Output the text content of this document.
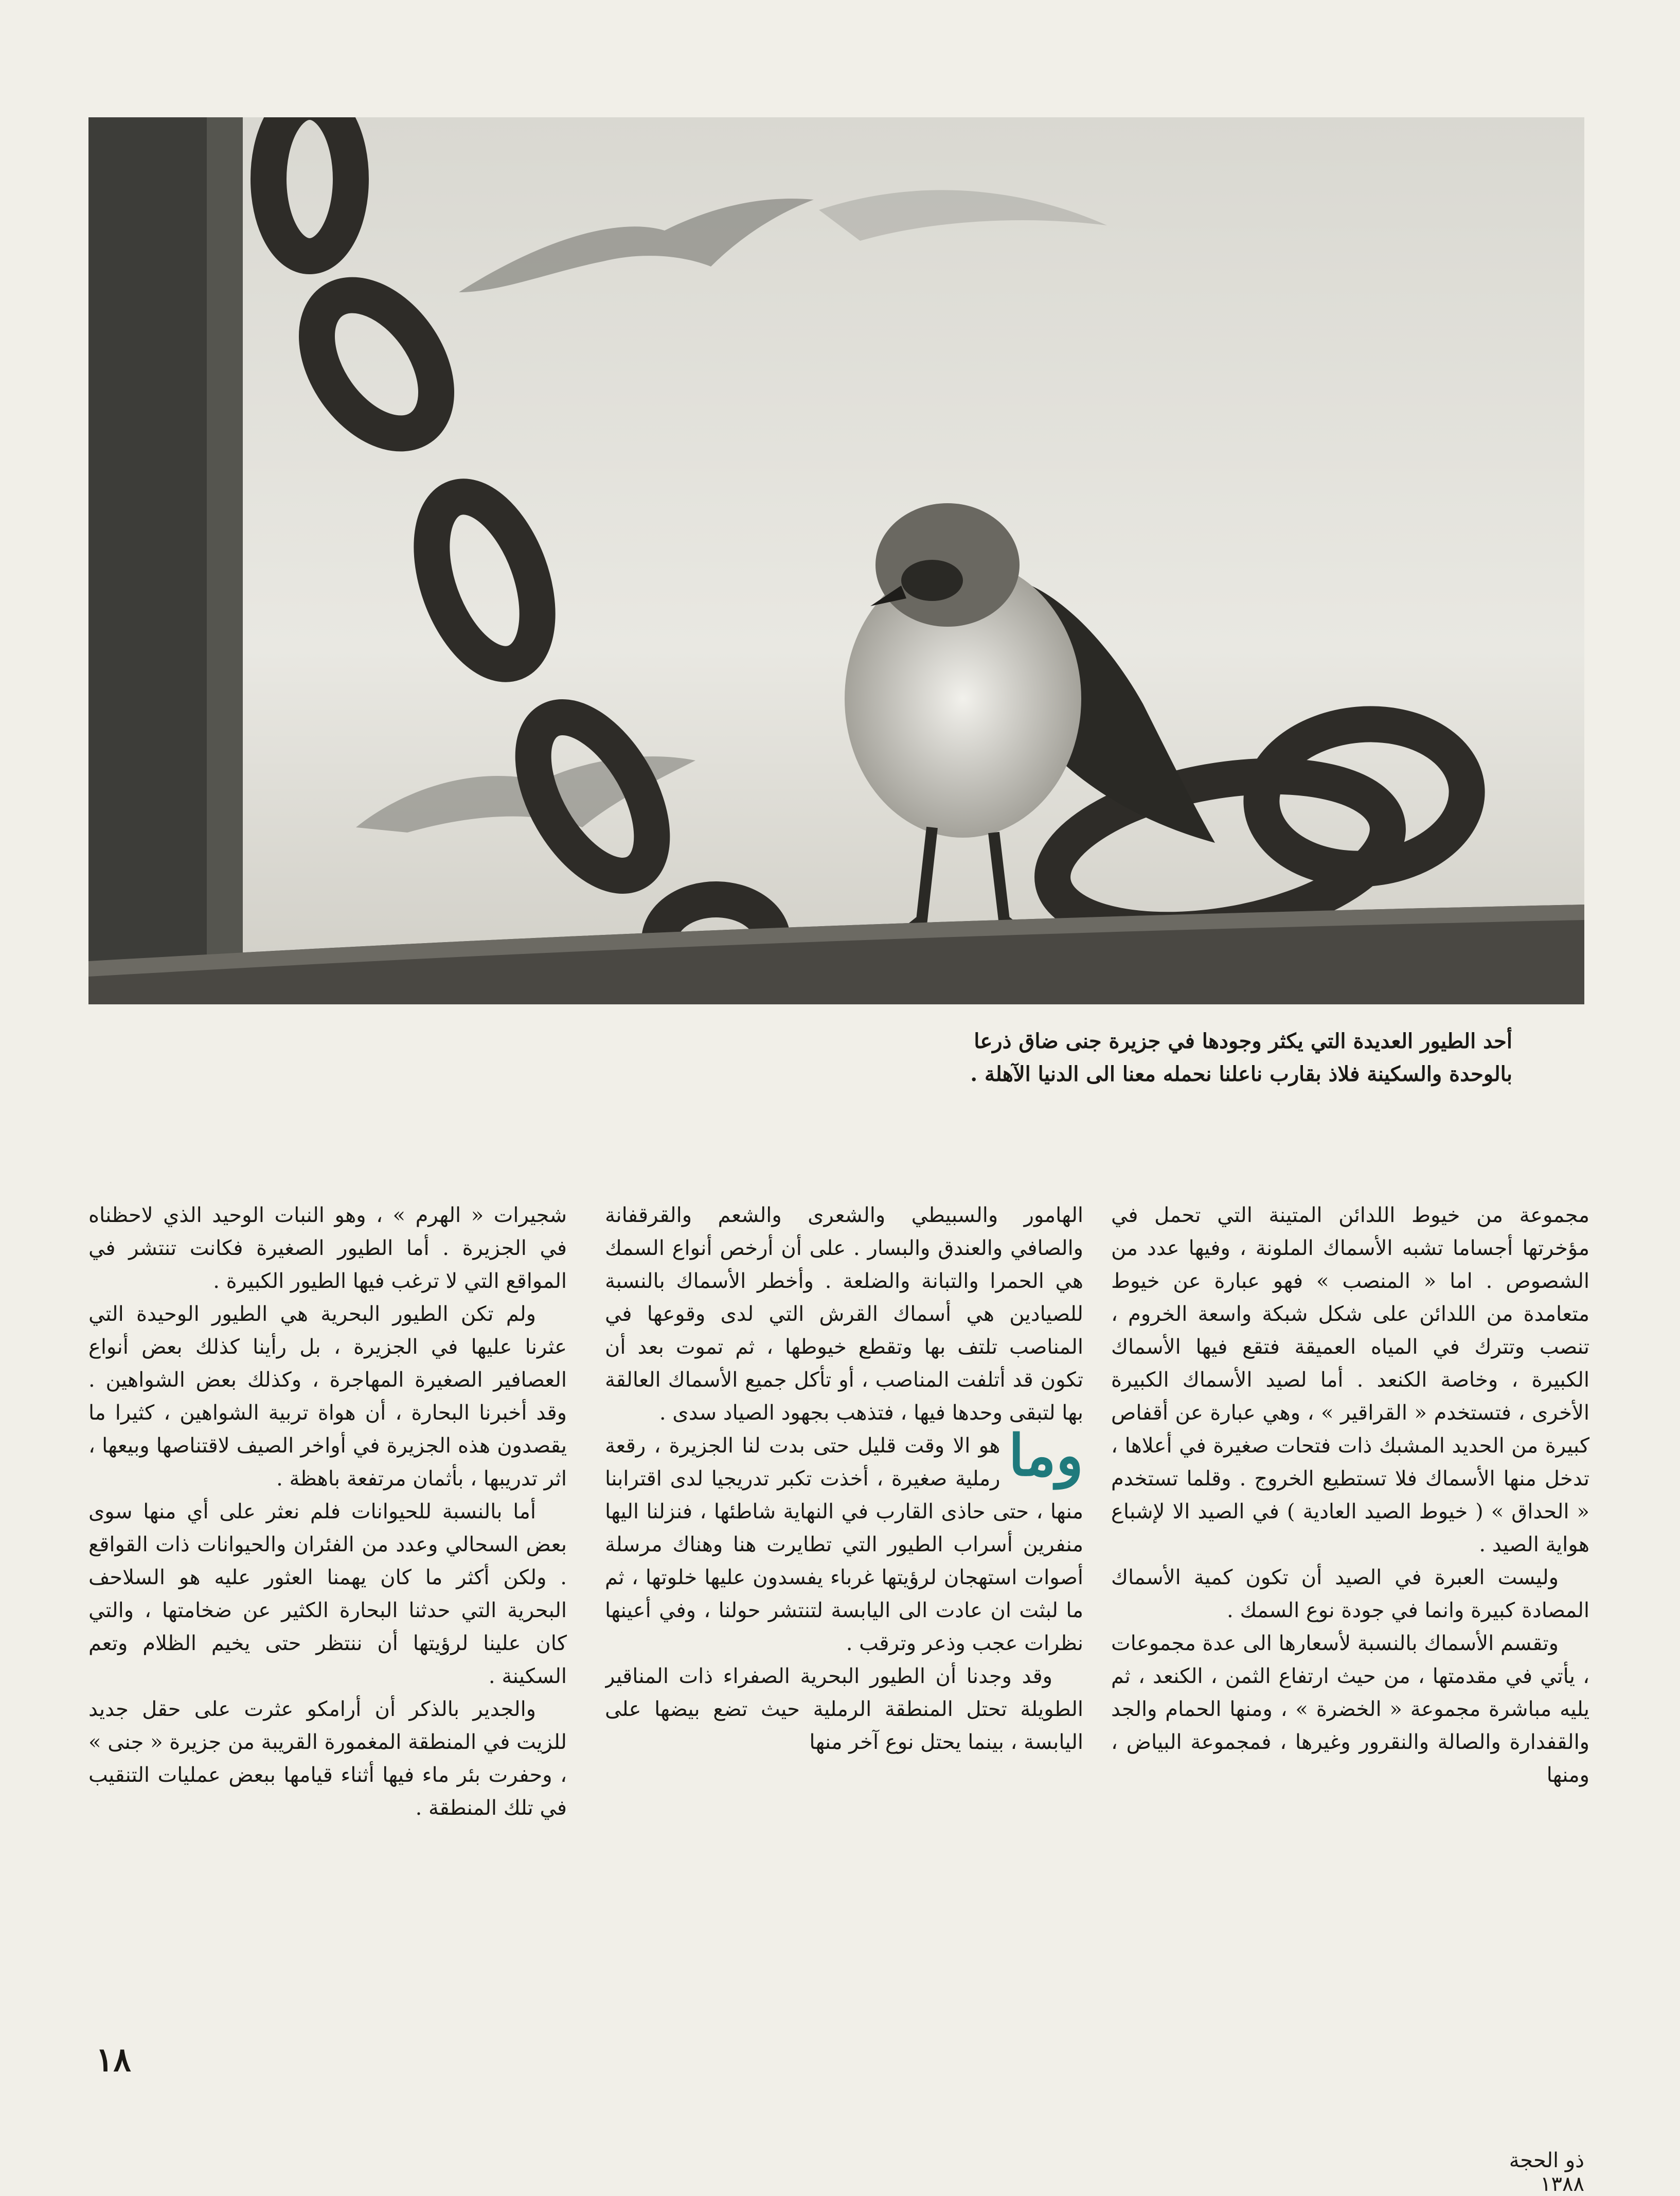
أحد الطيور العديدة التي يكثر وجودها في جزيرة جنى ضاق ذرعا

بالوحدة والسكينة فلاذ بقارب ناعلنا نحمله معنا الى الدنيا الآهلة .

مجموعة من خيوط اللدائن المتينة التي تحمل في مؤخرتها أجساما تشبه الأسماك الملونة ، وفيها عدد من الشصوص . اما « المنصب » فهو عبارة عن خيوط متعامدة من اللدائن على شكل شبكة واسعة الخروم ، تنصب وتترك في المياه العميقة فتقع فيها الأسماك الكبيرة ، وخاصة الكنعد . أما لصيد الأسماك الكبيرة الأخرى ، فتستخدم « القراقير » ، وهي عبارة عن أقفاص كبيرة من الحديد المشبك ذات فتحات صغيرة في أعلاها ، تدخل منها الأسماك فلا تستطيع الخروج . وقلما تستخدم « الحداق » ( خيوط الصيد العادية ) في الصيد الا لإشباع هواية الصيد .

وليست العبرة في الصيد أن تكون كمية الأسماك المصادة كبيرة وانما في جودة نوع السمك .

وتقسم الأسماك بالنسبة لأسعارها الى عدة مجموعات ، يأتي في مقدمتها ، من حيث ارتفاع الثمن ، الكنعد ، ثم يليه مباشرة مجموعة « الخضرة » ، ومنها الحمام والجد والقفدارة والصالة والنقرور وغيرها ، فمجموعة البياض ، ومنها

الهامور والسبيطي والشعرى والشعم والقرقفانة والصافي والعندق والبسار . على أن أرخص أنواع السمك هي الحمرا والتبانة والضلعة . وأخطر الأسماك بالنسبة للصيادين هي أسماك القرش التي لدى وقوعها في المناصب تلتف بها وتقطع خيوطها ، ثم تموت بعد أن تكون قد أتلفت المناصب ، أو تأكل جميع الأسماك العالقة بها لتبقى وحدها فيها ، فتذهب بجهود الصياد سدى .

وما
هو الا وقت قليل حتى بدت لنا الجزيرة ، رقعة رملية صغيرة ، أخذت تكبر تدريجيا لدى اقترابنا منها ، حتى حاذى القارب في النهاية شاطئها ، فنزلنا اليها منفرين أسراب الطيور التي تطايرت هنا وهناك مرسلة أصوات استهجان لرؤيتها غرباء يفسدون عليها خلوتها ، ثم ما لبثت ان عادت الى اليابسة لتنتشر حولنا ، وفي أعينها نظرات عجب وذعر وترقب .

وقد وجدنا أن الطيور البحرية الصفراء ذات المناقير الطويلة تحتل المنطقة الرملية حيث تضع بيضها على اليابسة ، بينما يحتل نوع آخر منها

شجيرات « الهرم » ، وهو النبات الوحيد الذي لاحظناه في الجزيرة . أما الطيور الصغيرة فكانت تنتشر في المواقع التي لا ترغب فيها الطيور الكبيرة .

ولم تكن الطيور البحرية هي الطيور الوحيدة التي عثرنا عليها في الجزيرة ، بل رأينا كذلك بعض أنواع العصافير الصغيرة المهاجرة ، وكذلك بعض الشواهين . وقد أخبرنا البحارة ، أن هواة تربية الشواهين ، كثيرا ما يقصدون هذه الجزيرة في أواخر الصيف لاقتناصها وبيعها ، اثر تدريبها ، بأثمان مرتفعة باهظة .

أما بالنسبة للحيوانات فلم نعثر على أي منها سوى بعض السحالي وعدد من الفئران والحيوانات ذات القواقع . ولكن أكثر ما كان يهمنا العثور عليه هو السلاحف البحرية التي حدثنا البحارة الكثير عن ضخامتها ، والتي كان علينا لرؤيتها أن ننتظر حتى يخيم الظلام وتعم السكينة .

والجدير بالذكر أن أرامكو عثرت على حقل جديد للزيت في المنطقة المغمورة القريبة من جزيرة « جنى » ، وحفرت بئر ماء فيها أثناء قيامها ببعض عمليات التنقيب في تلك المنطقة .

١٨
ذو الحجة ١٣٨٨
